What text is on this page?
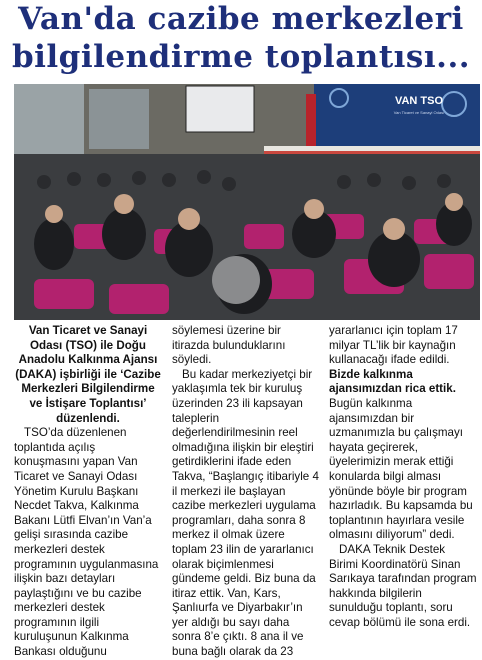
Van'da cazibe merkezleri
bilgilendirme toplantısı...
VAN TSO
Van Ticaret ve Sanayi Odası

Van Ticaret ve Sanayi Odası (TSO) ile Doğu Anadolu Kalkınma Ajansı (DAKA) işbirliği ile ‘Cazibe Merkezleri Bilgilendirme ve İstişare Toplantısı’ düzenlendi.

TSO’da düzenlenen toplantıda açılış konuşmasını yapan Van Ticaret ve Sanayi Odası Yönetim Kurulu Başkanı Necdet Takva, Kalkınma Bakanı Lütfi Elvan’ın Van’a gelişi sırasında cazibe merkezleri destek programının uygulanmasına ilişkin bazı detayları paylaştığını ve bu cazibe merkezleri destek programının ilgili kuruluşunun Kalkınma Bankası olduğunu

söylemesi üzerine bir itirazda bulunduklarını söyledi.

Bu kadar merkeziyetçi bir yaklaşımla tek bir kuruluş üzerinden 23 ili kapsayan taleplerin değerlendirilmesinin reel olmadığına ilişkin bir eleştiri getirdiklerini ifade eden Takva, “Başlangıç itibariyle 4 il merkezi ile başlayan cazibe merkezleri uygulama programları, daha sonra 8 merkez il olmak üzere toplam 23 ilin de yararlanıcı olarak biçimlenmesi gündeme geldi. Biz buna da itiraz ettik. Van, Kars, Şanlıurfa ve Diyarbakır’ın yer aldığı bu sayı daha sonra 8’e çıktı. 8 ana il ve buna bağlı olarak da 23

yararlanıcı için toplam 17 milyar TL’lik bir kaynağın kullanacağı ifade edildi.

Bizde kalkınma ajansımızdan rica ettik.

Bugün kalkınma ajansımızdan bir uzmanımızla bu çalışmayı hayata geçirerek, üyelerimizin merak ettiği konularda bilgi alması yönünde böyle bir program hazırladık. Bu kapsamda bu toplantının hayırlara vesile olmasını diliyorum” dedi.

DAKA Teknik Destek Birimi Koordinatörü Sinan Sarıkaya tarafından program hakkında bilgilerin sunulduğu toplantı, soru cevap bölümü ile sona erdi.
